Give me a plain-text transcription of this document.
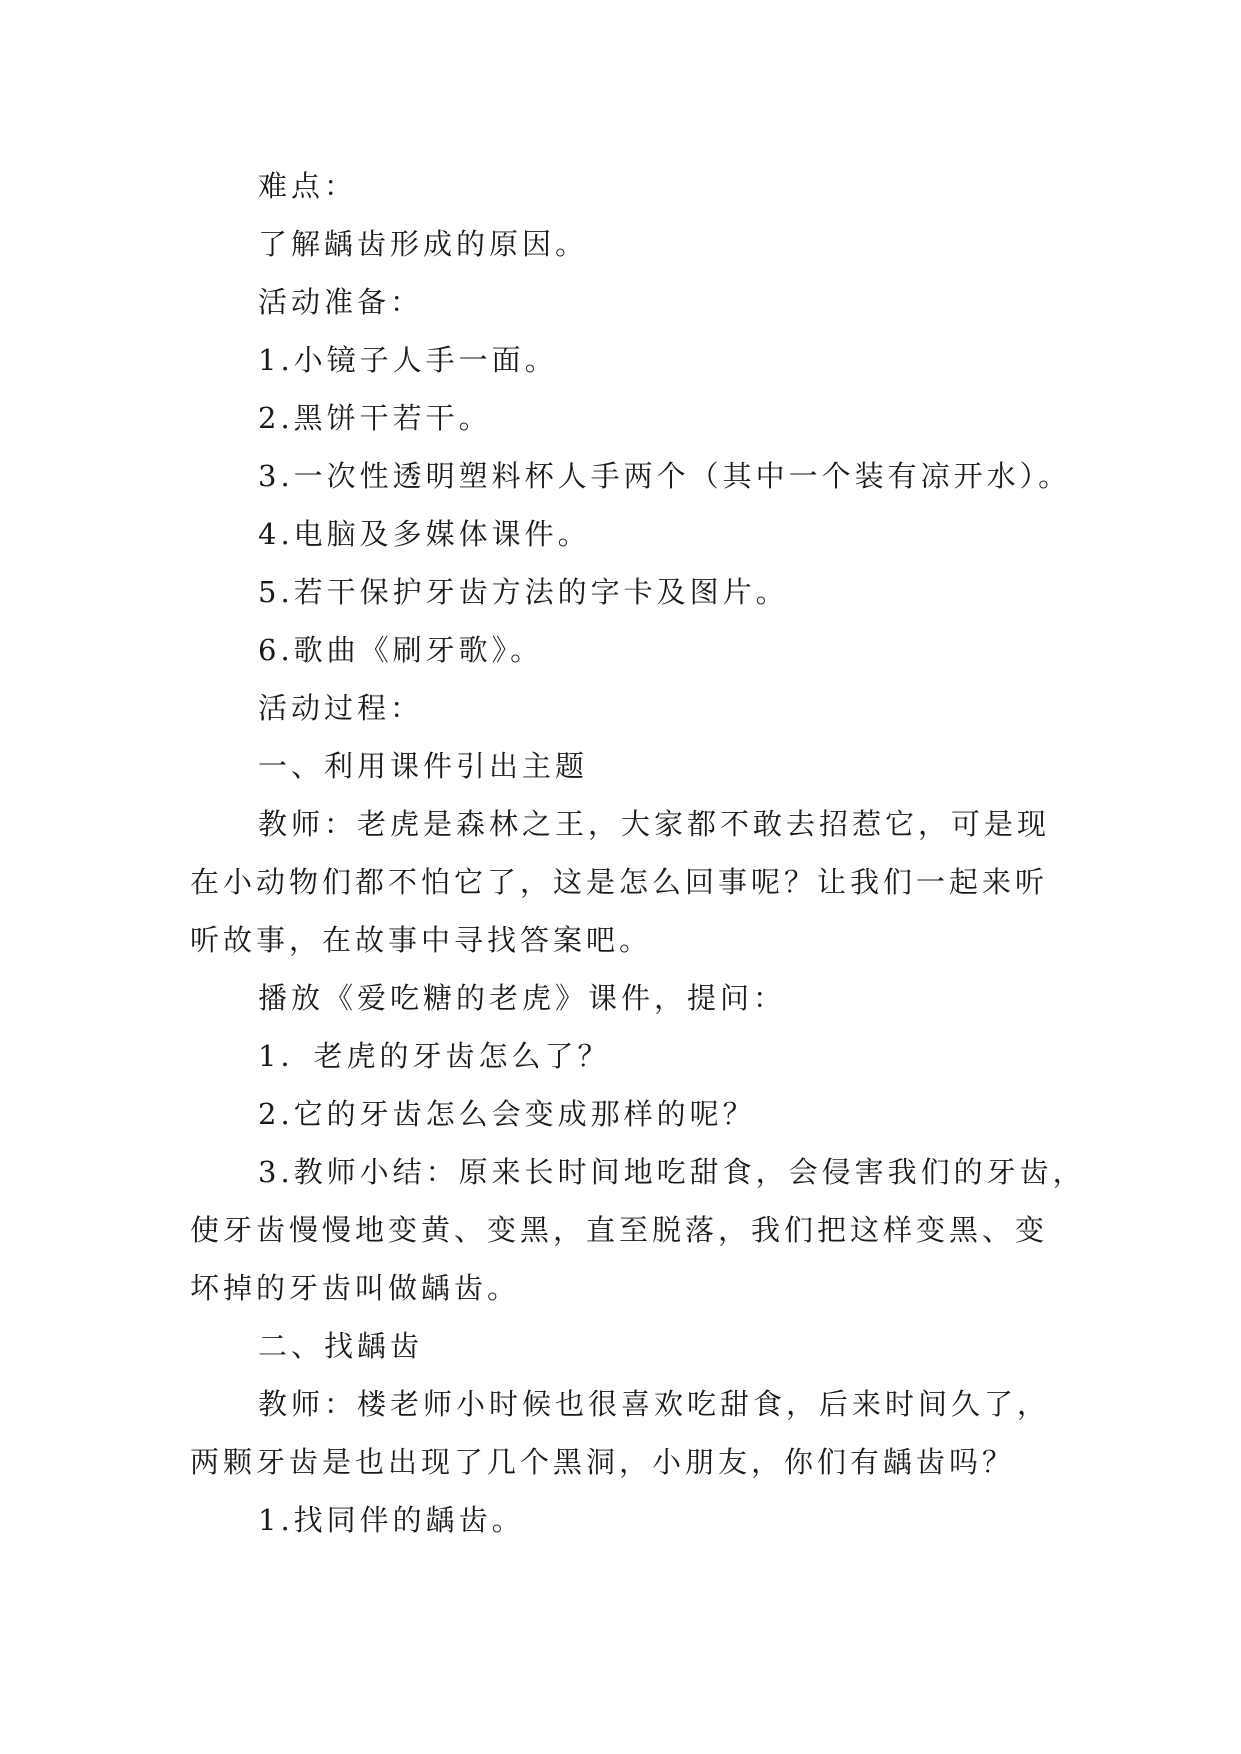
难点：
了解龋齿形成的原因。
活动准备：
1.小镜子人手一面。
2.黑饼干若干。
3.一次性透明塑料杯人手两个（其中一个装有凉开水）。
4.电脑及多媒体课件。
5.若干保护牙齿方法的字卡及图片。
6.歌曲《刷牙歌》。
活动过程：
一、利用课件引出主题
教师：老虎是森林之王，大家都不敢去招惹它，可是现
在小动物们都不怕它了，这是怎么回事呢？让我们一起来听
听故事，在故事中寻找答案吧。
播放《爱吃糖的老虎》课件，提问：
1．老虎的牙齿怎么了？
2.它的牙齿怎么会变成那样的呢？
3.教师小结：原来长时间地吃甜食，会侵害我们的牙齿，
使牙齿慢慢地变黄、变黑，直至脱落，我们把这样变黑、变
坏掉的牙齿叫做龋齿。
二、找龋齿
教师：楼老师小时候也很喜欢吃甜食，后来时间久了，
两颗牙齿是也出现了几个黑洞，小朋友，你们有龋齿吗？
1.找同伴的龋齿。
